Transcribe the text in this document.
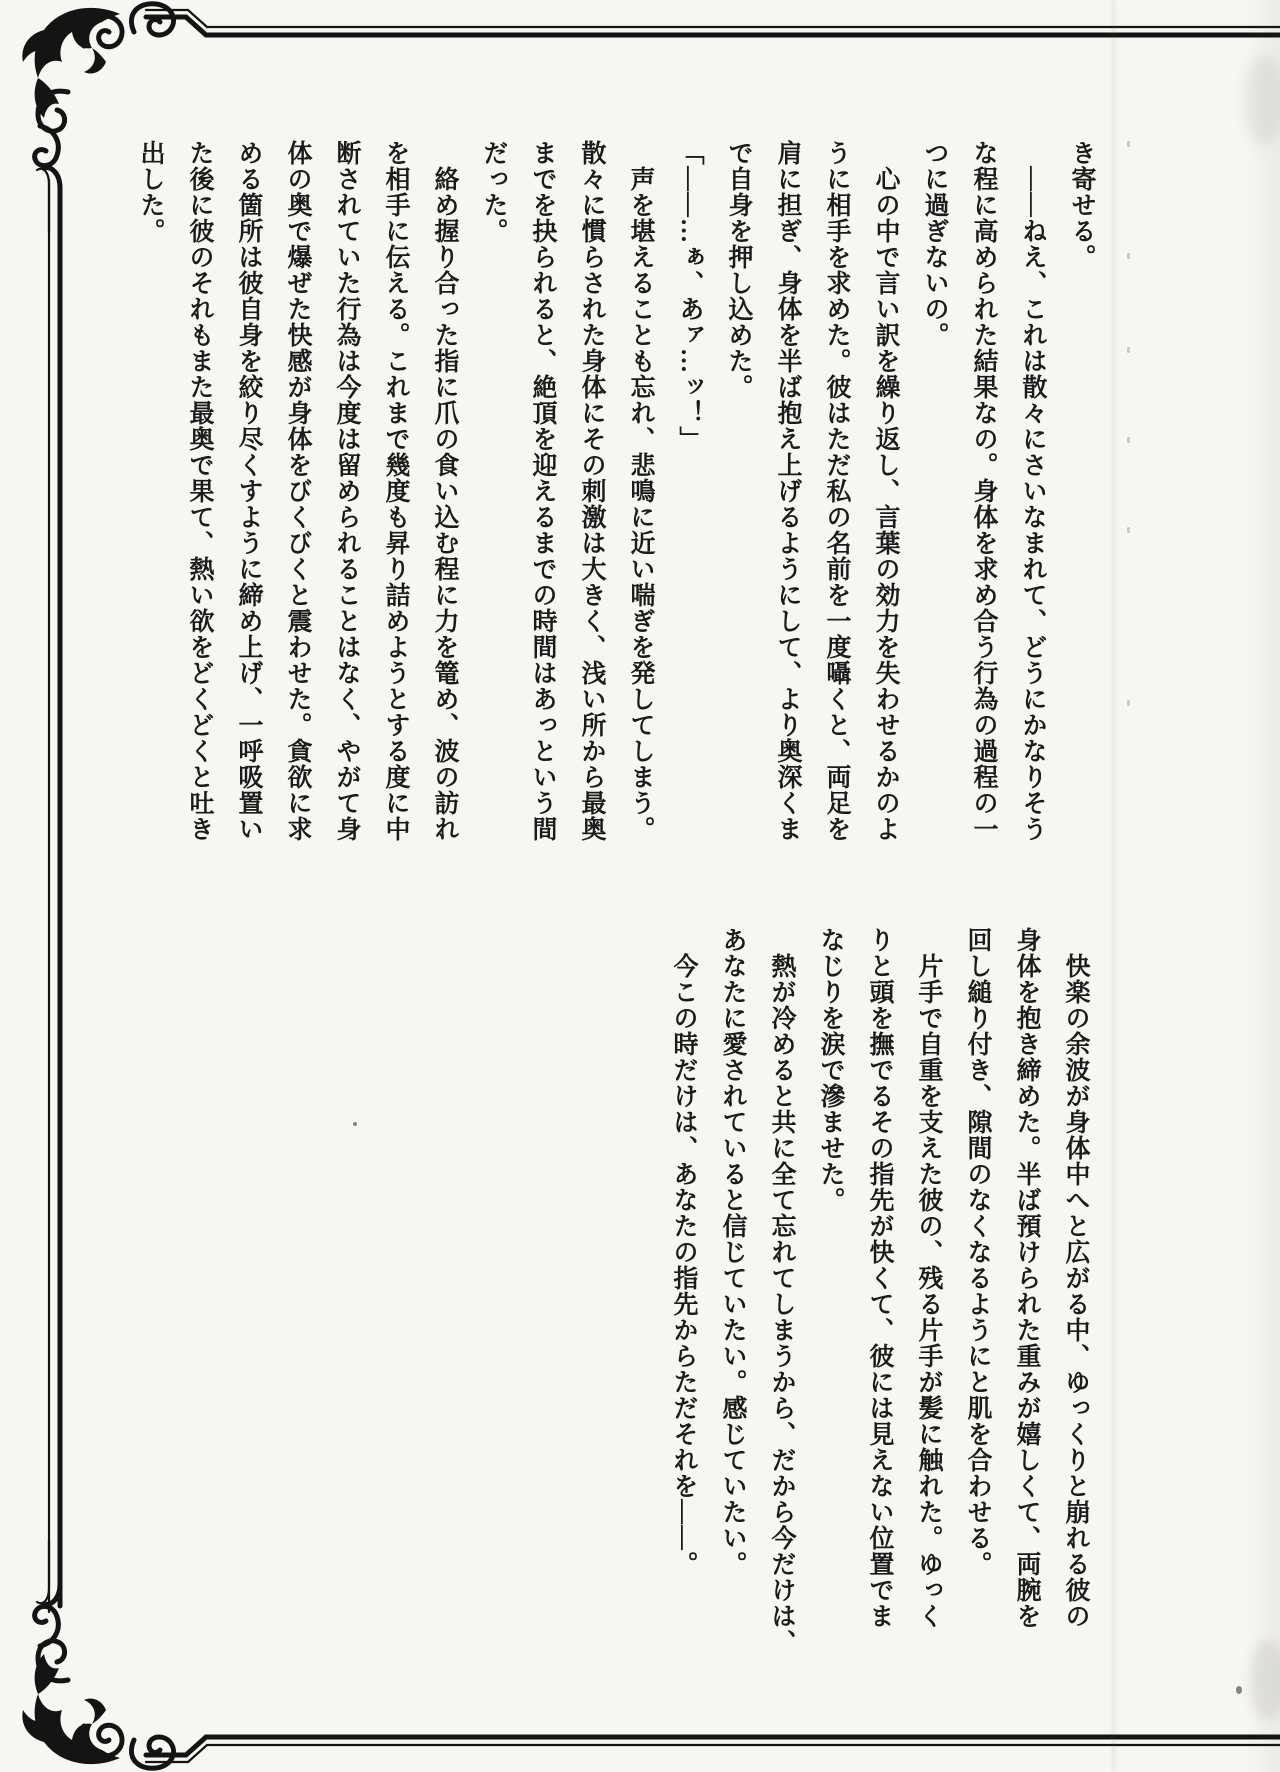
き寄せる。
　——ねえ、これは散々にさいなまれて、どうにかなりそう
な程に高められた結果なの。身体を求め合う行為の過程の一
つに過ぎないの。
　心の中で言い訳を繰り返し、言葉の効力を失わせるかのよ
うに相手を求めた。彼はただ私の名前を一度囁くと、両足を
肩に担ぎ、身体を半ば抱え上げるようにして、より奥深くま
で自身を押し込めた。
「——…ぁ、あァ…ッ！」
　声を堪えることも忘れ、悲鳴に近い喘ぎを発してしまう。
散々に慣らされた身体にその刺激は大きく、浅い所から最奥
までを抉られると、絶頂を迎えるまでの時間はあっという間
だった。
　絡め握り合った指に爪の食い込む程に力を篭め、波の訪れ
を相手に伝える。これまで幾度も昇り詰めようとする度に中
断されていた行為は今度は留められることはなく、やがて身
体の奥で爆ぜた快感が身体をびくびくと震わせた。貪欲に求
める箇所は彼自身を絞り尽くすように締め上げ、一呼吸置い
た後に彼のそれもまた最奥で果て、熱い欲をどくどくと吐き
出した。
　快楽の余波が身体中へと広がる中、ゆっくりと崩れる彼の
身体を抱き締めた。半ば預けられた重みが嬉しくて、両腕を
回し縋り付き、隙間のなくなるようにと肌を合わせる。
　片手で自重を支えた彼の、残る片手が髪に触れた。ゆっく
りと頭を撫でるその指先が快くて、彼には見えない位置でま
なじりを涙で滲ませた。
　熱が冷めると共に全て忘れてしまうから、だから今だけは、
あなたに愛されていると信じていたい。感じていたい。
　今この時だけは、あなたの指先からただそれを——。
